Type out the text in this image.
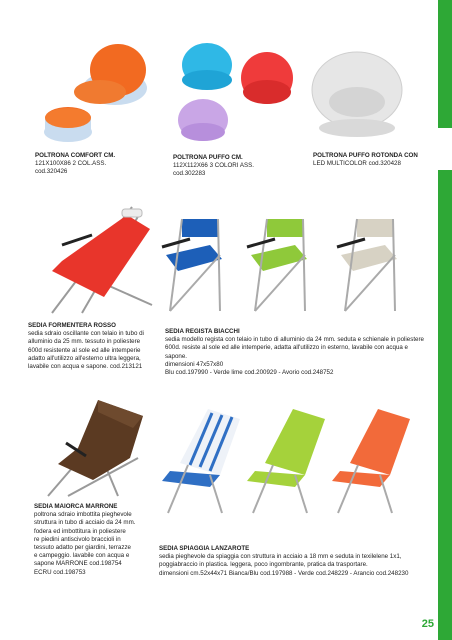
POLTRONA COMFORT CM.
121X100X86 2 COL.ASS.
cod.320426
POLTRONA PUFFO CM.
112X112X66 3 COLORI ASS.
cod.302283
POLTRONA PUFFO ROTONDA CON
LED MULTICOLOR cod.320428
SEDIA FORMENTERA ROSSO
sedia sdraio oscillante con telaio in tubo di
alluminio da 25 mm. tessuto in poliestere
600d resistente al sole ed alle intemperie
adatto all'utilizzo all'esterno ultra leggera,
lavabile con acqua e sapone. cod.213121
SEDIA REGISTA BIACCHI
sedia modello regista con telaio in tubo di alluminio da 24 mm. seduta e schienale in poliestere
600d. resiste al sole ed alle intemperie, adatta all'utilizzo in esterno, lavabile con acqua e sapone.
dimensioni 47x57x80
Blu cod.197990 - Verde lime cod.200929 - Avorio cod.248752
SEDIA MAIORCA MARRONE
poltrona sdraio imbottita pieghevole
struttura in tubo di acciaio da 24 mm.
fodera ed imbottitura in poliestere
re piedini antiscivolo braccioli in
tessuto adatto per giardini, terrazze
e campeggio. lavabile con acqua e
sapone MARRONE cod.198754
ECRU cod.198753
SEDIA SPIAGGIA LANZAROTE
sedia pieghevole da spiaggia con struttura in acciaio a 18 mm e seduta in texilelene 1x1,
poggiabraccio in plastica. leggera, poco ingombrante, pratica da trasportare.
dimensioni cm.52x44x71 Bianca/Blu cod.197988 - Verde cod.248229 - Arancio cod.248230
25
